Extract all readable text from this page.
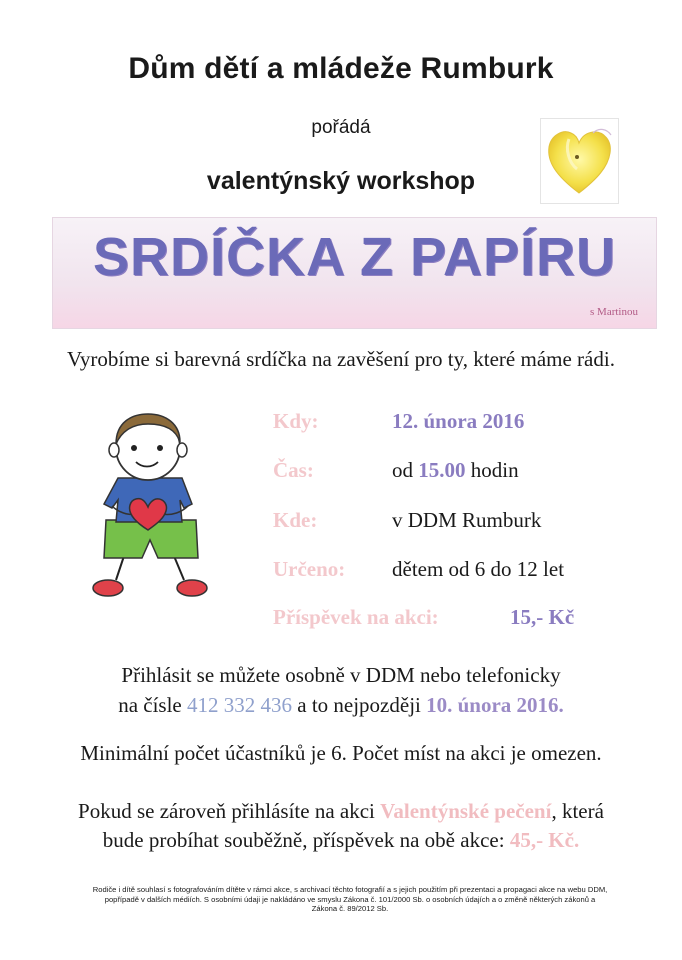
Dům dětí a mládeže Rumburk
pořádá
valentýnský workshop
SRDÍČKA Z PAPÍRU
s Martinou
Vyrobíme si barevná srdíčka na zavěšení pro ty, které máme rádi.
Kdy:	12. února 2016
Čas:	od 15.00 hodin
Kde:	v DDM Rumburk
Určeno: dětem od 6 do 12 let
Příspěvek na akci:	15,- Kč
Přihlásit se můžete osobně v DDM nebo telefonicky
na čísle 412 332 436 a to nejpozději 10. února 2016.
Minimální počet účastníků je 6. Počet míst na akci je omezen.
Pokud se zároveň přihlásíte na akci Valentýnské pečení, která
bude probíhat souběžně, příspěvek na obě akce: 45,- Kč.
Rodiče i dítě souhlasí s fotografováním dítěte v rámci akce, s archivací těchto fotografií a s jejich použitím při prezentaci a propagaci akce na webu DDM,
popřípadě v dalších médiích. S osobními údaji je nakládáno ve smyslu Zákona č. 101/2000 Sb. o osobních údajích a o změně některých zákonů a
Zákona č. 89/2012 Sb.
